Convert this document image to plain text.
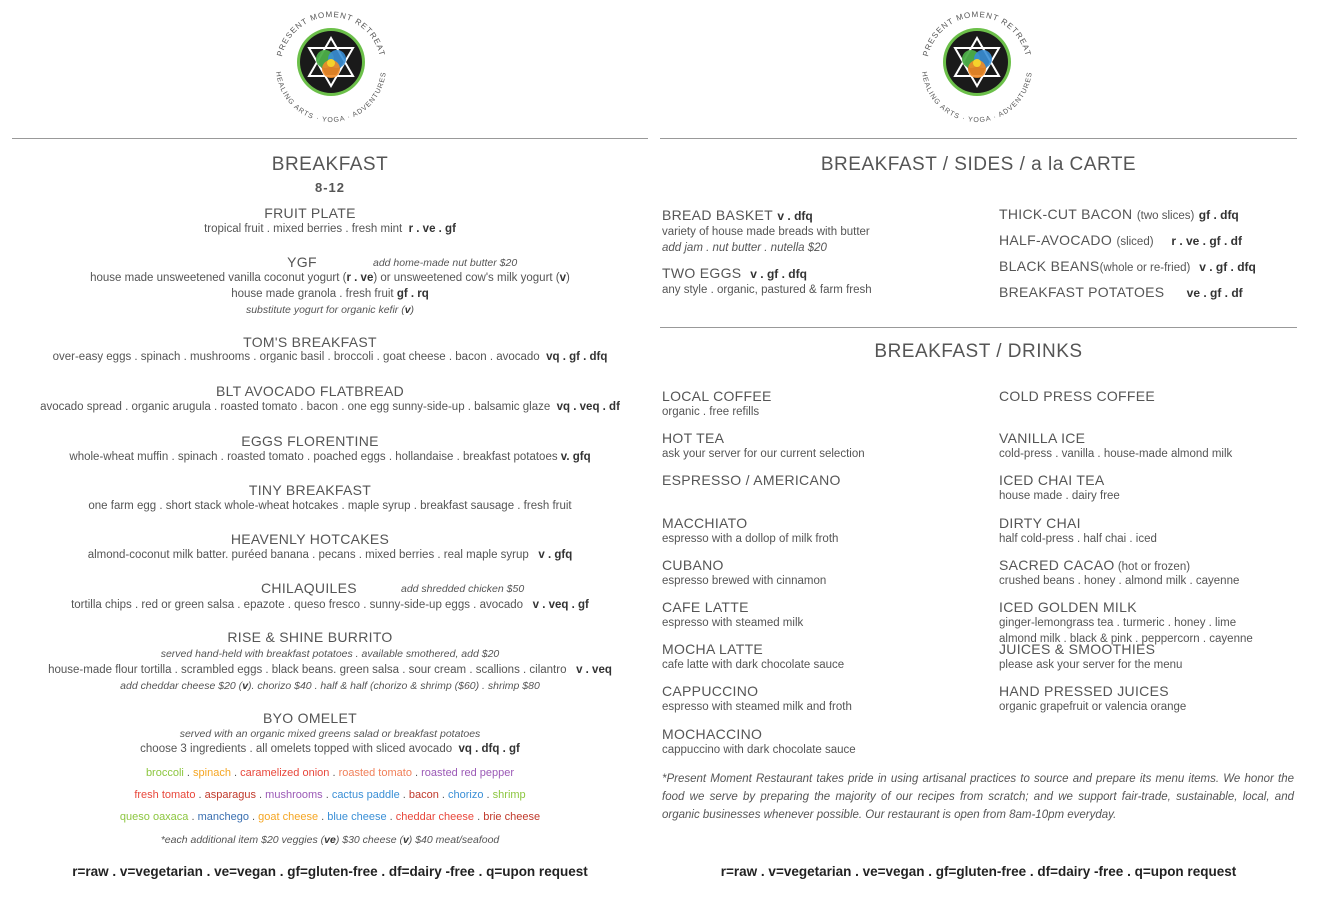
PRESENT MOMENT RETREAT
HEALING ARTS · YOGA · ADVENTURES
PRESENT MOMENT RETREAT
HEALING ARTS · YOGA · ADVENTURES
BREAKFAST
8-12
FRUIT PLATE
tropical fruit . mixed berries . fresh mint r . ve . gf
YGF	add home-made nut butter $20
house made unsweetened vanilla coconut yogurt (r . ve) or unsweetened cow's milk yogurt (v)
house made granola . fresh fruit gf . rq
substitute yogurt for organic kefir (v)
TOM'S BREAKFAST
over-easy eggs . spinach . mushrooms . organic basil . broccoli . goat cheese . bacon . avocado vq . gf . dfq
BLT AVOCADO FLATBREAD
avocado spread . organic arugula . roasted tomato . bacon . one egg sunny-side-up . balsamic glaze vq . veq . df
EGGS FLORENTINE
whole-wheat muffin . spinach . roasted tomato . poached eggs . hollandaise . breakfast potatoes v. gfq
TINY BREAKFAST
one farm egg . short stack whole-wheat hotcakes . maple syrup . breakfast sausage . fresh fruit
HEAVENLY HOTCAKES
almond-coconut milk batter. puréed banana . pecans . mixed berries . real maple syrup v . gfq
CHILAQUILES	add shredded chicken $50
tortilla chips . red or green salsa . epazote . queso fresco . sunny-side-up eggs . avocado v . veq . gf
RISE & SHINE BURRITO
served hand-held with breakfast potatoes . available smothered, add $20
house-made flour tortilla . scrambled eggs . black beans. green salsa . sour cream . scallions . cilantro v . veq
add cheddar cheese $20 (v). chorizo $40 . half & half (chorizo & shrimp ($60) . shrimp $80
BYO OMELET
served with an organic mixed greens salad or breakfast potatoes
choose 3 ingredients . all omelets topped with sliced avocado vq . dfq . gf
broccoli . spinach . caramelized onion . roasted tomato . roasted red pepper
fresh tomato . asparagus . mushrooms . cactus paddle . bacon . chorizo . shrimp
queso oaxaca . manchego . goat cheese . blue cheese . cheddar cheese . brie cheese
*each additional item $20 veggies (ve) $30 cheese (v) $40 meat/seafood
r=raw . v=vegetarian . ve=vegan . gf=gluten-free . df=dairy -free . q=upon request
BREAKFAST / SIDES / a la CARTE
BREAD BASKET v . dfq
variety of house made breads with butter
add jam . nut butter . nutella $20
TWO EGGS v . gf . dfq
any style . organic, pastured & farm fresh
THICK-CUT BACON (two slices) gf . dfq
HALF-AVOCADO (sliced) r . ve . gf . df
BLACK BEANS(whole or re-fried) v . gf . dfq
BREAKFAST POTATOES ve . gf . df
BREAKFAST / DRINKS
LOCAL COFFEE
organic . free refills
HOT TEA
ask your server for our current selection
ESPRESSO / AMERICANO
MACCHIATO
espresso with a dollop of milk froth
CUBANO
espresso brewed with cinnamon
CAFE LATTE
espresso with steamed milk
MOCHA LATTE
cafe latte with dark chocolate sauce
CAPPUCCINO
espresso with steamed milk and froth
MOCHACCINO
cappuccino with dark chocolate sauce
COLD PRESS COFFEE
VANILLA ICE
cold-press . vanilla . house-made almond milk
ICED CHAI TEA
house made . dairy free
DIRTY CHAI
half cold-press . half chai . iced
SACRED CACAO (hot or frozen)
crushed beans . honey . almond milk . cayenne
ICED GOLDEN MILK
ginger-lemongrass tea . turmeric . honey . lime
almond milk . black & pink . peppercorn . cayenne
JUICES & SMOOTHIES
please ask your server for the menu
HAND PRESSED JUICES
organic grapefruit or valencia orange
*Present Moment Restaurant takes pride in using artisanal practices to source and prepare its menu items. We honor the food we serve by preparing the majority of our recipes from scratch; and we support fair-trade, sustainable, local, and organic businesses whenever possible. Our restaurant is open from 8am-10pm everyday.
r=raw . v=vegetarian . ve=vegan . gf=gluten-free . df=dairy -free . q=upon request
